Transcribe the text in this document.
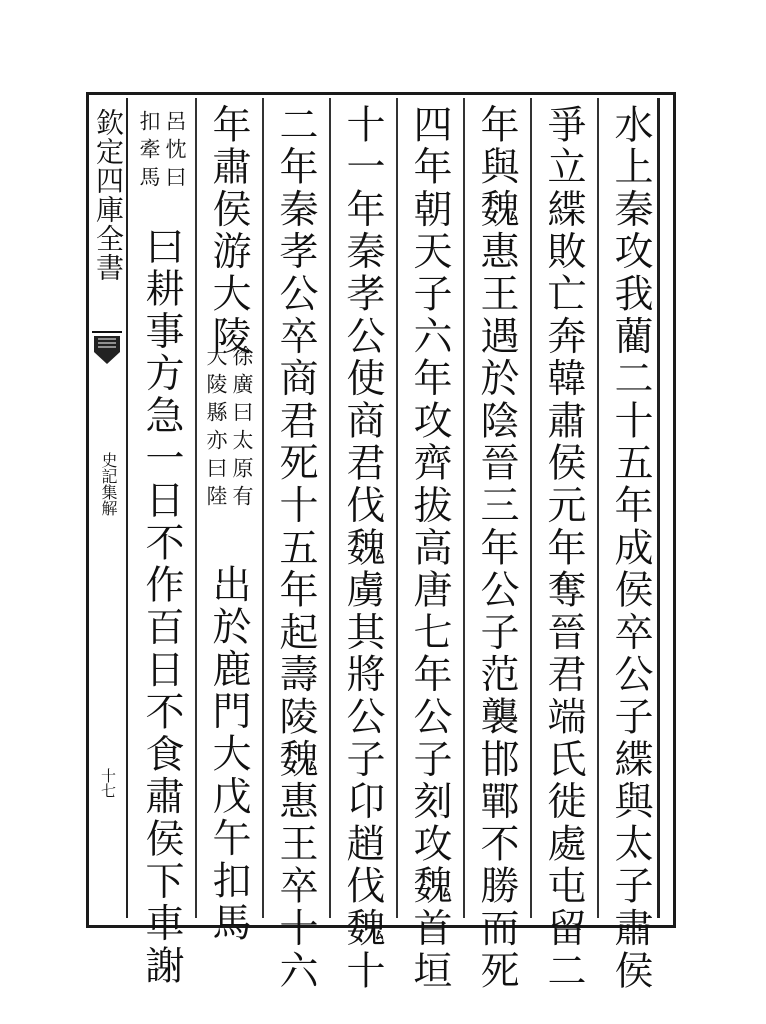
欽定四庫全書
史記集解
十七	水上秦攻我藺二十五年成侯卒公子緤與太子肅侯
爭立緤敗亡奔韓肅侯元年奪晉君端氏徙處屯留二
年與魏惠王遇於陰晉三年公子范襲邯鄲不勝而死
四年朝天子六年攻齊拔高唐七年公子刻攻魏首垣
十一年秦孝公使商君伐魏虜其將公子卬趙伐魏十
二年秦孝公卒商君死十五年起壽陵魏惠王卒十六
年肅侯游大陵
徐廣曰太原有
大陵縣亦曰陸
出於鹿門大戊午扣馬
呂忱曰
扣牽馬
曰耕事方急一日不作百日不食肅侯下車謝
